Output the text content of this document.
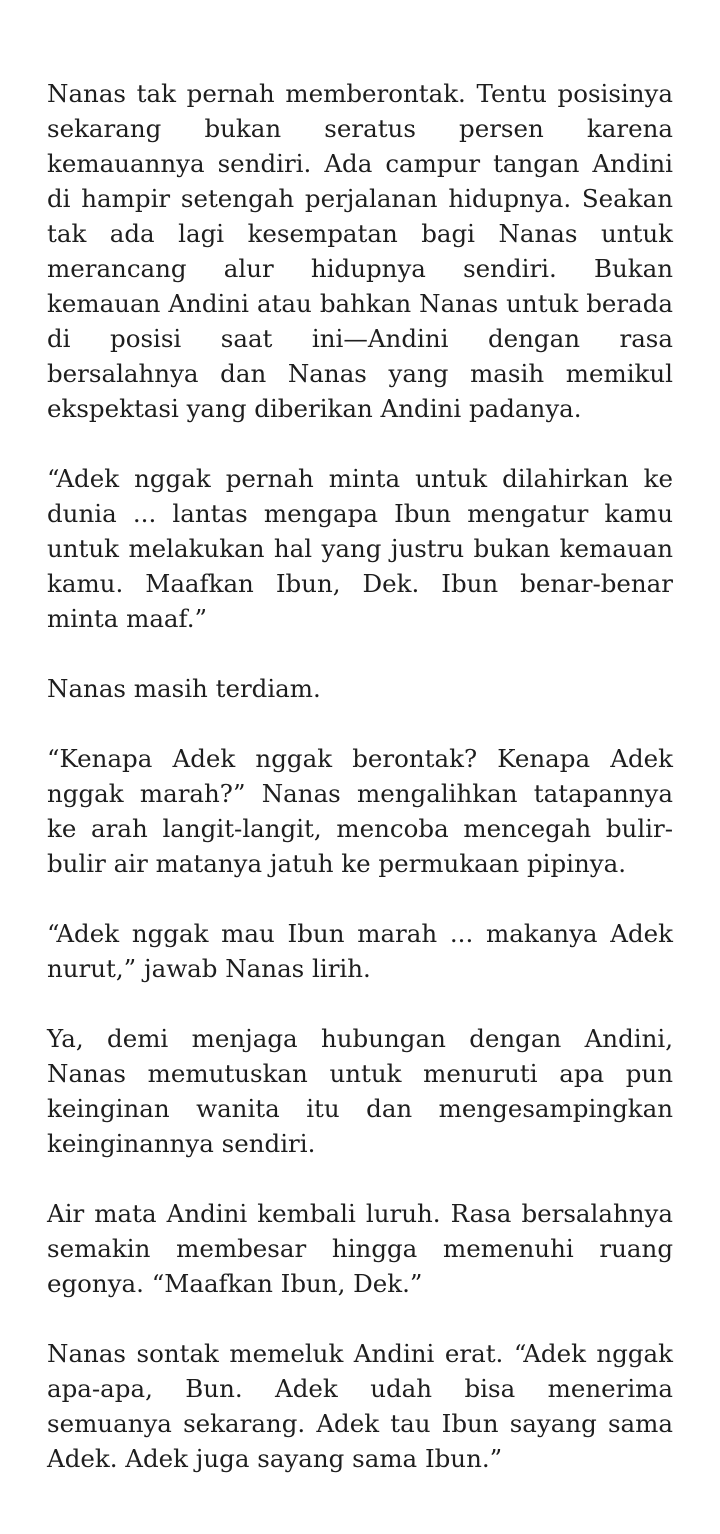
Nanas tak pernah memberontak. Tentu posisinya sekarang bukan seratus persen karena kemauannya sendiri. Ada campur tangan Andini di hampir setengah perjalanan hidupnya. Seakan tak ada lagi kesempatan bagi Nanas untuk merancang alur hidupnya sendiri. Bukan kemauan Andini atau bahkan Nanas untuk berada di posisi saat ini—Andini dengan rasa bersalahnya dan Nanas yang masih memikul ekspektasi yang diberikan Andini padanya.

“Adek nggak pernah minta untuk dilahirkan ke dunia ... lantas mengapa Ibun mengatur kamu untuk melakukan hal yang justru bukan kemauan kamu. Maafkan Ibun, Dek. Ibun benar-benar minta maaf.”

Nanas masih terdiam.

“Kenapa Adek nggak berontak? Kenapa Adek nggak marah?” Nanas mengalihkan tatapannya ke arah langit-langit, mencoba mencegah bulir-bulir air matanya jatuh ke permukaan pipinya.

“Adek nggak mau Ibun marah ... makanya Adek nurut,” jawab Nanas lirih.

Ya, demi menjaga hubungan dengan Andini, Nanas memutuskan untuk menuruti apa pun keinginan wanita itu dan mengesampingkan keinginannya sendiri.

Air mata Andini kembali luruh. Rasa bersalahnya semakin membesar hingga memenuhi ruang egonya. “Maafkan Ibun, Dek.”

Nanas sontak memeluk Andini erat. “Adek nggak apa-apa, Bun. Adek udah bisa menerima semuanya sekarang. Adek tau Ibun sayang sama Adek. Adek juga sayang sama Ibun.”
